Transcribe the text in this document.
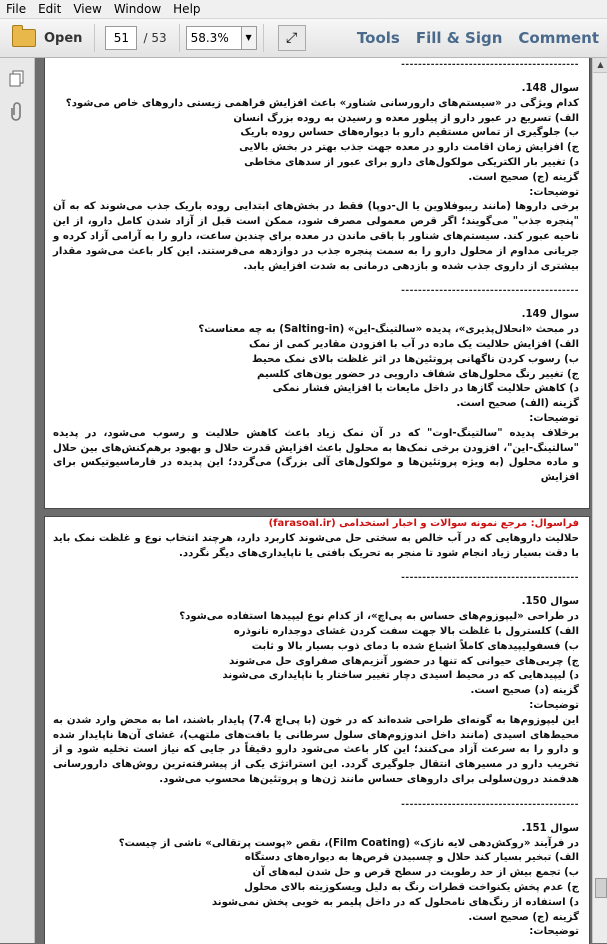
File	Edit	View	Window	Help
Open	51	/ 53	58.3%	▼	⤢	Tools	Fill & Sign	Comment
▲

------------------------------------------

سوال 148.

کدام ویژگی در «سیستم‌های دارورسانی شناور» باعث افزایش فراهمی زیستی داروهای خاص می‌شود؟

الف) تسریع در عبور دارو از پیلور معده و رسیدن به روده بزرگ انسان

ب) جلوگیری از تماس مستقیم دارو با دیواره‌های حساس روده باریک

ج) افزایش زمان اقامت دارو در معده جهت جذب بهتر در بخش بالایی

د) تغییر بار الکتریکی مولکول‌های دارو برای عبور از سدهای مخاطی

گزینه (ج) صحیح است.

توضیحات:

برخی داروها (مانند ریبوفلاوین یا ال-دوپا) فقط در بخش‌های ابتدایی روده باریک جذب می‌شوند که به آن "پنجره جذب" می‌گویند؛ اگر قرص معمولی مصرف شود، ممکن است قبل از آزاد شدن کامل دارو، از این ناحیه عبور کند. سیستم‌های شناور با باقی ماندن در معده برای چندین ساعت، دارو را به آرامی آزاد کرده و جریانی مداوم از محلول دارو را به سمت پنجره جذب در دوازدهه می‌فرستند. این کار باعث می‌شود مقدار بیشتری از داروی جذب شده و بازدهی درمانی به شدت افزایش یابد.

------------------------------------------

سوال 149.

در مبحث «انحلال‌پذیری»، پدیده «سالتینگ-این» (Salting-in) به چه معناست؟

الف) افزایش حلالیت یک ماده در آب با افزودن مقادیر کمی از نمک

ب) رسوب کردن ناگهانی پروتئین‌ها در اثر غلظت بالای نمک محیط

ج) تغییر رنگ محلول‌های شفاف دارویی در حضور یون‌های کلسیم

د) کاهش حلالیت گازها در داخل مایعات با افزایش فشار نمکی

گزینه (الف) صحیح است.

توضیحات:

برخلاف پدیده "سالتینگ-اوت" که در آن نمک زیاد باعث کاهش حلالیت و رسوب می‌شود، در پدیده "سالتینگ-این"، افزودن برخی نمک‌ها به محلول باعث افزایش قدرت حلال و بهبود برهم‌کنش‌های بین حلال و ماده محلول (به ویژه پروتئین‌ها و مولکول‌های آلی بزرگ) می‌گردد؛ این پدیده در فارماسیوتیکس برای افزایش

فراسوال: مرجع نمونه سوالات و اخبار استخدامی (farasoal.ir)

حلالیت داروهایی که در آب خالص به سختی حل می‌شوند کاربرد دارد، هرچند انتخاب نوع و غلظت نمک باید با دقت بسیار زیاد انجام شود تا منجر به تحریک بافتی یا ناپایداری‌های دیگر نگردد.

------------------------------------------

سوال 150.

در طراحی «لیپوزوم‌های حساس به پی‌اچ»، از کدام نوع لیپیدها استفاده می‌شود؟

الف) کلسترول با غلظت بالا جهت سفت کردن غشای دوجداره نانوذره

ب) فسفولیپیدهای کاملاً اشباع شده با دمای ذوب بسیار بالا و ثابت

ج) چربی‌های حیوانی که تنها در حضور آنزیم‌های صفراوی حل می‌شوند

د) لیپیدهایی که در محیط اسیدی دچار تغییر ساختار یا ناپایداری می‌شوند

گزینه (د) صحیح است.

توضیحات:

این لیپوزوم‌ها به گونه‌ای طراحی شده‌اند که در خون (با پی‌اچ 7.4) پایدار باشند، اما به محض وارد شدن به محیط‌های اسیدی (مانند داخل اندوزوم‌های سلول سرطانی یا بافت‌های ملتهب)، غشای آن‌ها ناپایدار شده و دارو را به سرعت آزاد می‌کنند؛ این کار باعث می‌شود دارو دقیقاً در جایی که نیاز است تخلیه شود و از تخریب دارو در مسیرهای انتقال جلوگیری گردد. این استراتژی یکی از پیشرفته‌ترین روش‌های دارورسانی هدفمند درون‌سلولی برای داروهای حساس مانند ژن‌ها و پروتئین‌ها محسوب می‌شود.

------------------------------------------

سوال 151.

در فرآیند «روکش‌دهی لایه نازک» (Film Coating)، نقص «پوست پرتقالی» ناشی از چیست؟

الف) تبخیر بسیار کند حلال و چسبیدن قرص‌ها به دیواره‌های دستگاه

ب) تجمع بیش از حد رطوبت در سطح قرص و حل شدن لبه‌های آن

ج) عدم پخش یکنواخت قطرات رنگ به دلیل ویسکوزیته بالای محلول

د) استفاده از رنگ‌های نامحلول که در داخل پلیمر به خوبی پخش نمی‌شوند

گزینه (ج) صحیح است.

توضیحات:
